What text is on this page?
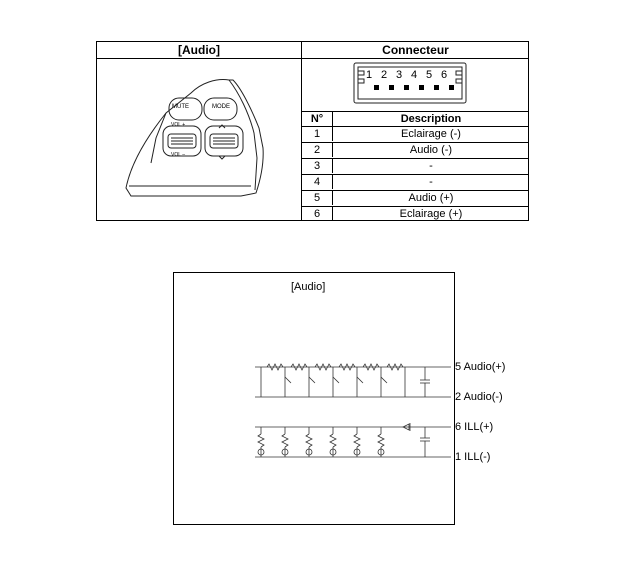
[Audio]	Connecteur
MUTE	MODE
VOL +
VOL –
1 2 3 4 5 6
N°	Description
1	Eclairage (-)
2	Audio (-)
3	-
4	-
5	Audio (+)
6	Eclairage (+)
[Audio]
5 Audio(+)
2 Audio(-)
6 ILL(+)
1 ILL(-)
